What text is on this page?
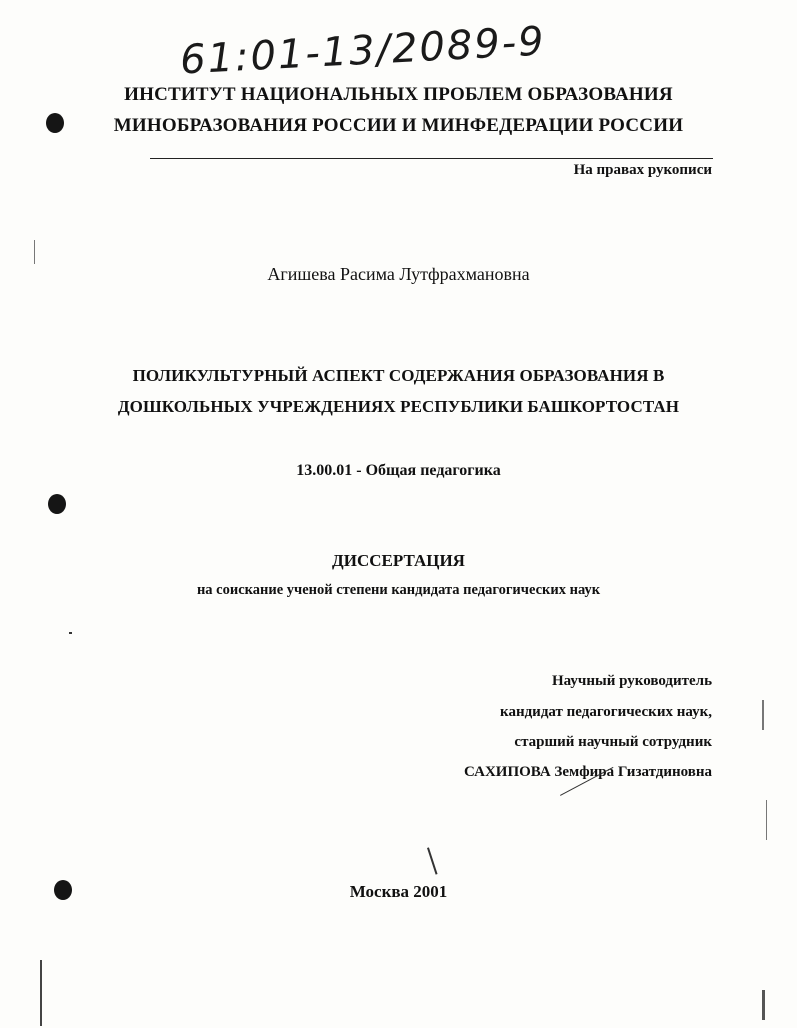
61:01-13/2089-9
ИНСТИТУТ НАЦИОНАЛЬНЫХ ПРОБЛЕМ ОБРАЗОВАНИЯ
МИНОБРАЗОВАНИЯ РОССИИ И МИНФЕДЕРАЦИИ РОССИИ
На правах рукописи
Агишева Расима Лутфрахмановна
ПОЛИКУЛЬТУРНЫЙ АСПЕКТ СОДЕРЖАНИЯ ОБРАЗОВАНИЯ В
ДОШКОЛЬНЫХ УЧРЕЖДЕНИЯХ РЕСПУБЛИКИ БАШКОРТОСТАН
13.00.01 - Общая педагогика
ДИССЕРТАЦИЯ
на соискание ученой степени кандидата педагогических наук
Научный руководитель
кандидат педагогических наук,
старший научный сотрудник
САХИПОВА Земфира Гизатдиновна
Москва 2001
